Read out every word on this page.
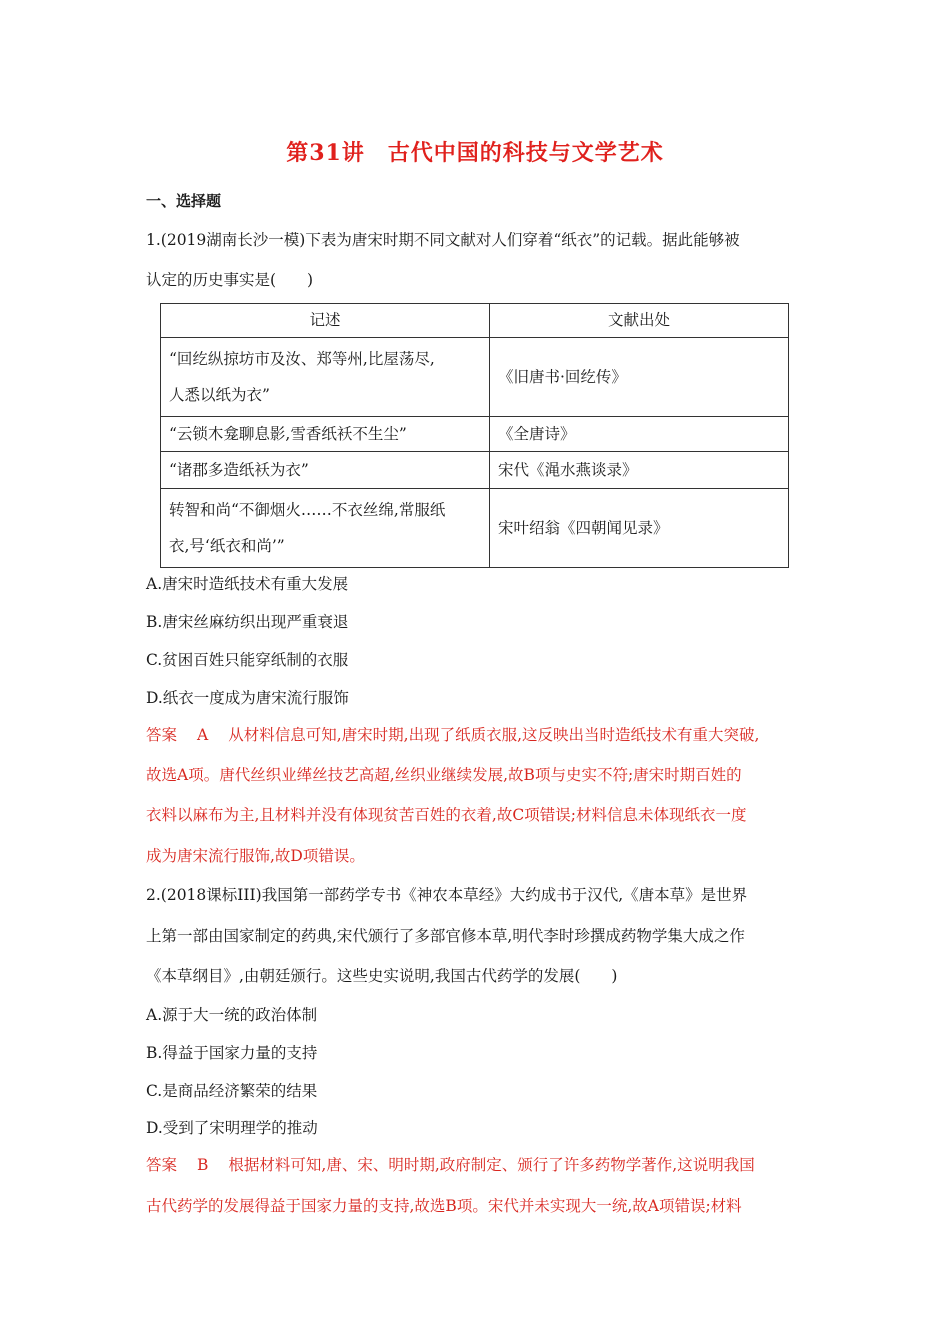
第31讲　古代中国的科技与文学艺术
一、选择题
1.(2019湖南长沙一模)下表为唐宋时期不同文献对人们穿着“纸衣”的记载。据此能够被
认定的历史事实是(　　)
记述	文献出处

“回纥纵掠坊市及汝、郑等州,比屋荡尽,
人悉以纸为衣”	《旧唐书·回纥传》
“云锁木龛聊息影,雪香纸袄不生尘”	《全唐诗》
“诸郡多造纸袄为衣”	宋代《渑水燕谈录》

转智和尚“不御烟火……不衣丝绵,常服纸
衣,号‘纸衣和尚’”	宋叶绍翁《四朝闻见录》
A.唐宋时造纸技术有重大发展
B.唐宋丝麻纺织出现严重衰退
C.贫困百姓只能穿纸制的衣服
D.纸衣一度成为唐宋流行服饰
答案 A 从材料信息可知,唐宋时期,出现了纸质衣服,这反映出当时造纸技术有重大突破,
故选A项。唐代丝织业缂丝技艺高超,丝织业继续发展,故B项与史实不符;唐宋时期百姓的
衣料以麻布为主,且材料并没有体现贫苦百姓的衣着,故C项错误;材料信息未体现纸衣一度
成为唐宋流行服饰,故D项错误。
2.(2018课标III)我国第一部药学专书《神农本草经》大约成书于汉代,《唐本草》是世界
上第一部由国家制定的药典,宋代颁行了多部官修本草,明代李时珍撰成药物学集大成之作
《本草纲目》,由朝廷颁行。这些史实说明,我国古代药学的发展(　　)
A.源于大一统的政治体制
B.得益于国家力量的支持
C.是商品经济繁荣的结果
D.受到了宋明理学的推动
答案 B 根据材料可知,唐、宋、明时期,政府制定、颁行了许多药物学著作,这说明我国
古代药学的发展得益于国家力量的支持,故选B项。宋代并未实现大一统,故A项错误;材料
